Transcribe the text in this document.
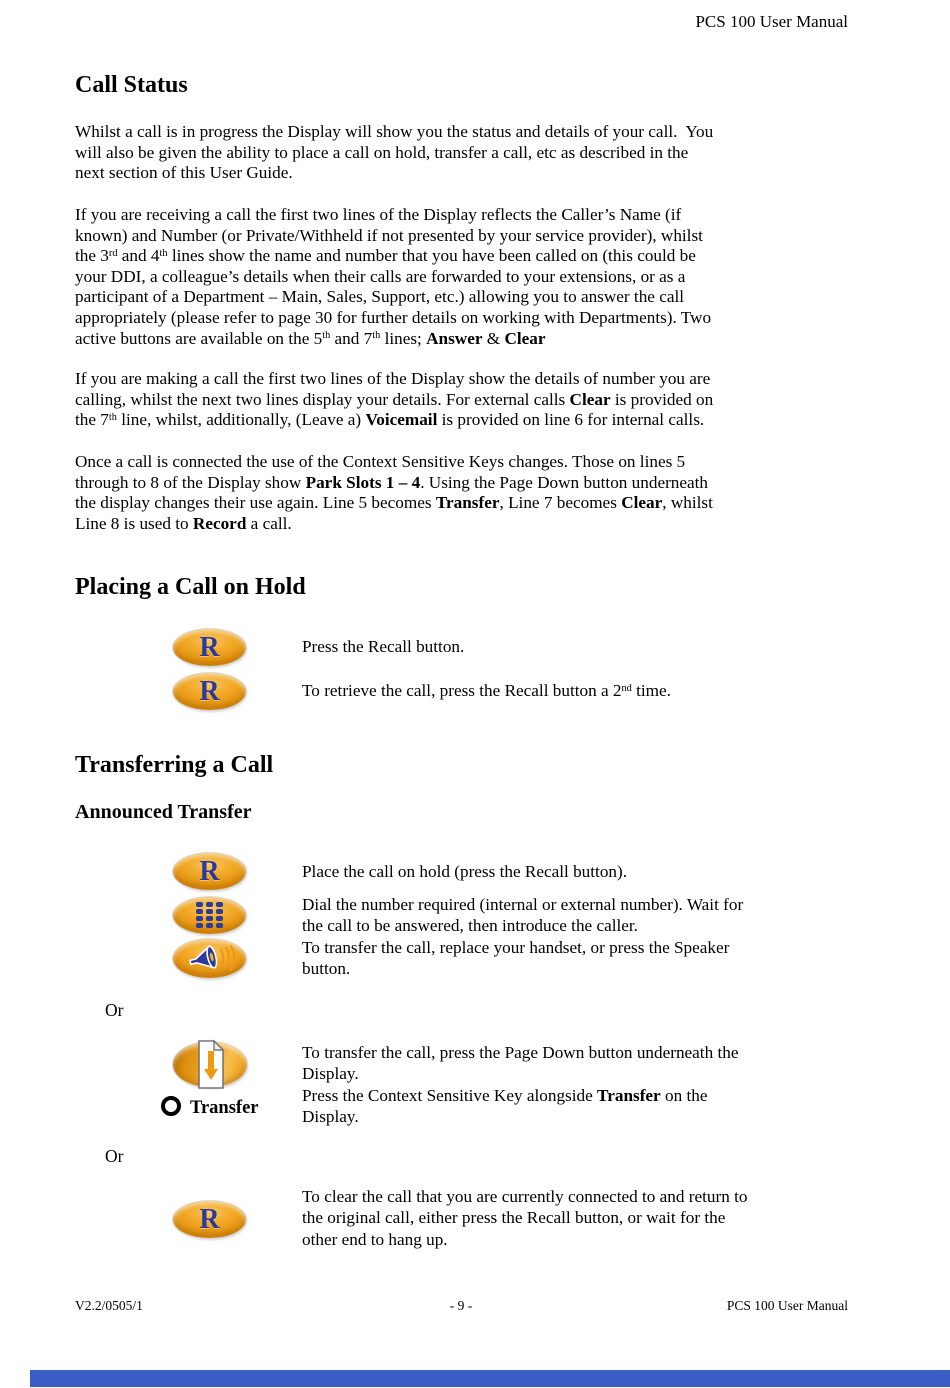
PCS 100 User Manual
Call Status
Whilst a call is in progress the Display will show you the status and details of your call.  You
will also be given the ability to place a call on hold, transfer a call, etc as described in the
next section of this User Guide.
If you are receiving a call the first two lines of the Display reflects the Caller’s Name (if
known) and Number (or Private/Withheld if not presented by your service provider), whilst
the 3rd and 4th lines show the name and number that you have been called on (this could be
your DDI, a colleague’s details when their calls are forwarded to your extensions, or as a
participant of a Department – Main, Sales, Support, etc.) allowing you to answer the call
appropriately (please refer to page 30 for further details on working with Departments). Two
active buttons are available on the 5th and 7th lines; Answer & Clear
If you are making a call the first two lines of the Display show the details of number you are
calling, whilst the next two lines display your details. For external calls Clear is provided on
the 7th line, whilst, additionally, (Leave a) Voicemail is provided on line 6 for internal calls.
Once a call is connected the use of the Context Sensitive Keys changes. Those on lines 5
through to 8 of the Display show Park Slots 1 – 4. Using the Page Down button underneath
the display changes their use again. Line 5 becomes Transfer, Line 7 becomes Clear, whilst
Line 8 is used to Record a call.
Placing a Call on Hold
R	Press the Recall button.
R	To retrieve the call, press the Recall button a 2nd time.
Transferring a Call
Announced Transfer
R	Place the call on hold (press the Recall button).
Dial the number required (internal or external number). Wait for
the call to be answered, then introduce the caller.
To transfer the call, replace your handset, or press the Speaker
button.
Or
To transfer the call, press the Page Down button underneath the
Display.
Press the Context Sensitive Key alongside Transfer on the
Display.
Transfer
Or
R
To clear the call that you are currently connected to and return to
the original call, either press the Recall button, or wait for the
other end to hang up.
V2.2/0505/1	- 9 -	PCS 100 User Manual
